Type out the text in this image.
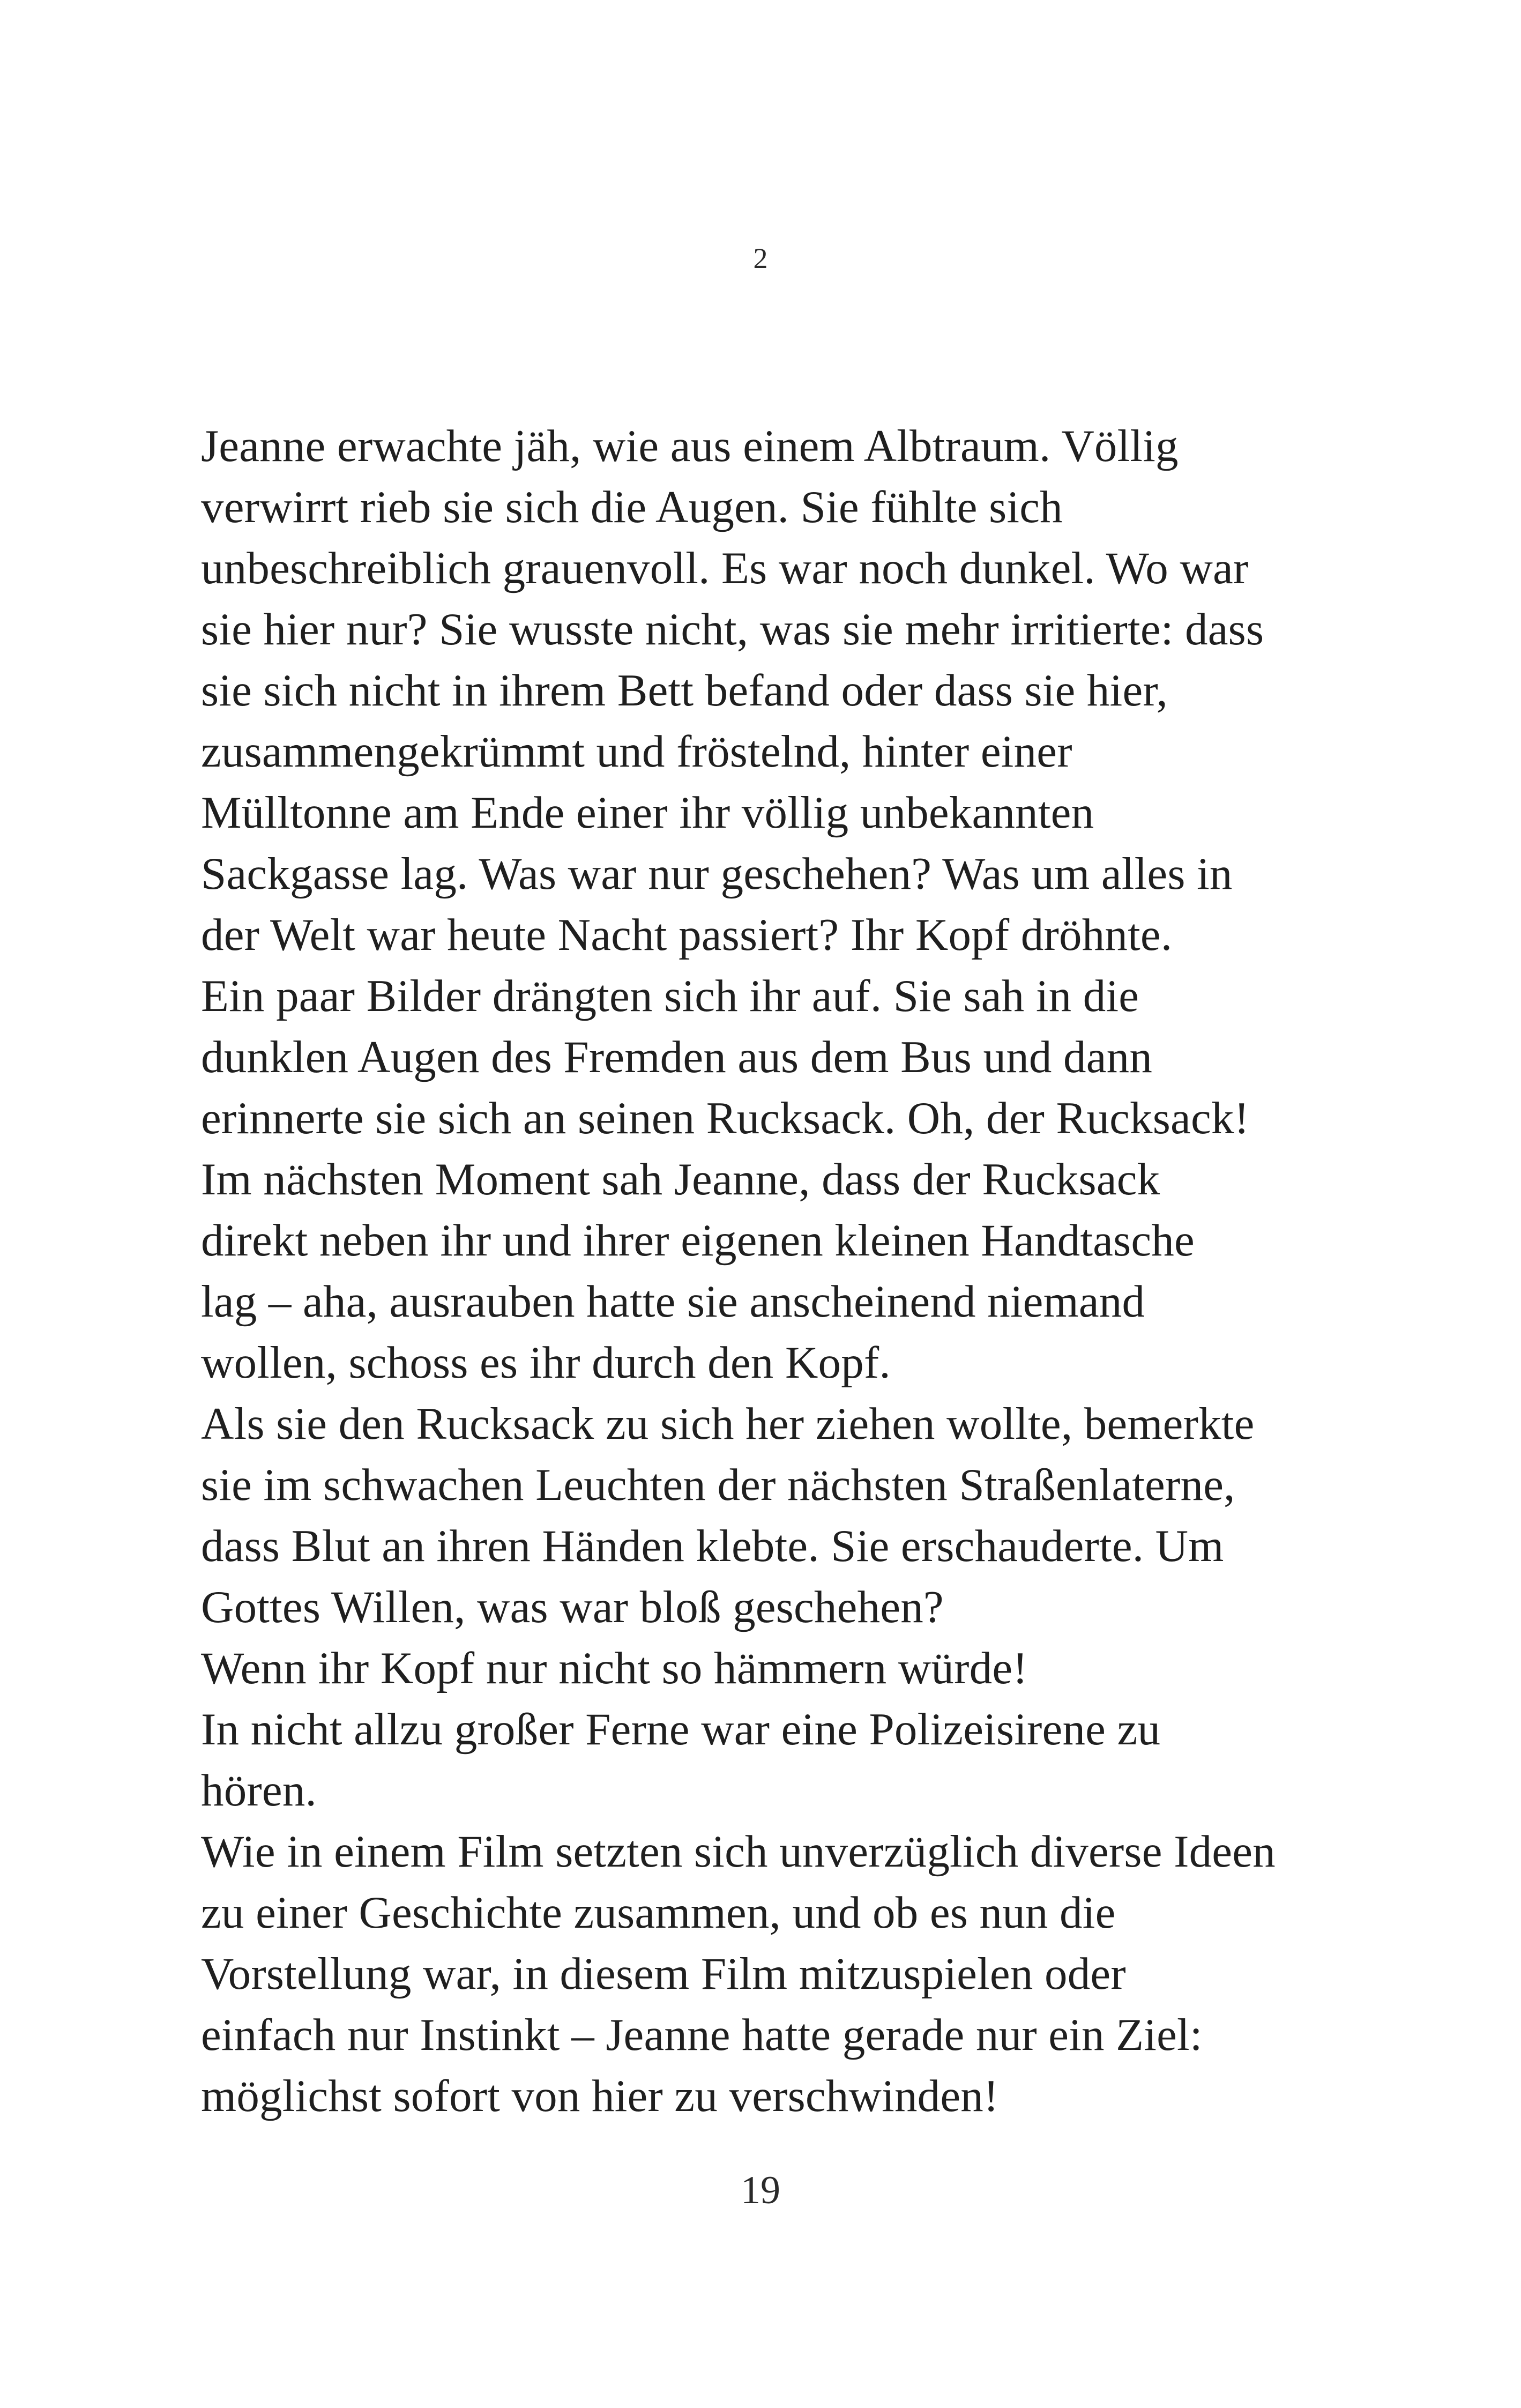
2
Jeanne erwachte jäh, wie aus einem Albtraum. Völlig
verwirrt rieb sie sich die Augen. Sie fühlte sich
unbeschreiblich grauenvoll. Es war noch dunkel. Wo war
sie hier nur? Sie wusste nicht, was sie mehr irritierte: dass
sie sich nicht in ihrem Bett befand oder dass sie hier,
zusammengekrümmt und fröstelnd, hinter einer
Mülltonne am Ende einer ihr völlig unbekannten
Sackgasse lag. Was war nur geschehen? Was um alles in
der Welt war heute Nacht passiert? Ihr Kopf dröhnte.
Ein paar Bilder drängten sich ihr auf. Sie sah in die
dunklen Augen des Fremden aus dem Bus und dann
erinnerte sie sich an seinen Rucksack. Oh, der Rucksack!
Im nächsten Moment sah Jeanne, dass der Rucksack
direkt neben ihr und ihrer eigenen kleinen Handtasche
lag – aha, ausrauben hatte sie anscheinend niemand
wollen, schoss es ihr durch den Kopf.
Als sie den Rucksack zu sich her ziehen wollte, bemerkte
sie im schwachen Leuchten der nächsten Straßenlaterne,
dass Blut an ihren Händen klebte. Sie erschauderte. Um
Gottes Willen, was war bloß geschehen?
Wenn ihr Kopf nur nicht so hämmern würde!
In nicht allzu großer Ferne war eine Polizeisirene zu
hören.
Wie in einem Film setzten sich unverzüglich diverse Ideen
zu einer Geschichte zusammen, und ob es nun die
Vorstellung war, in diesem Film mitzuspielen oder
einfach nur Instinkt – Jeanne hatte gerade nur ein Ziel:
möglichst sofort von hier zu verschwinden!
19
